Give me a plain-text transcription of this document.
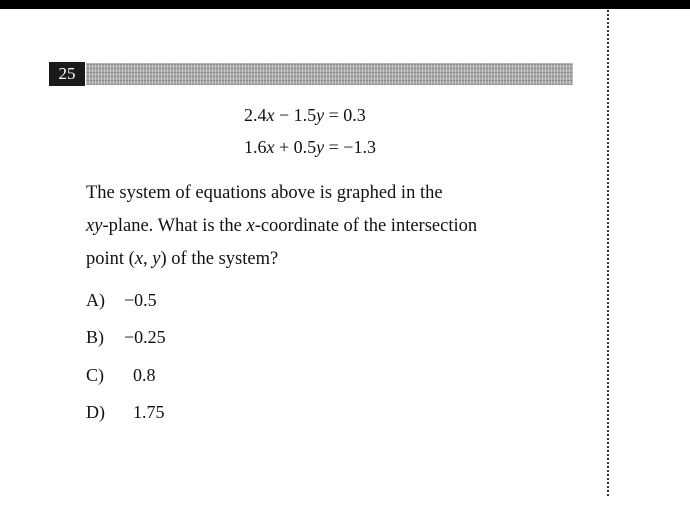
25
2.4x − 1.5y = 0.3
1.6x + 0.5y = −1.3
The system of equations above is graphed in the
xy-plane. What is the x-coordinate of the intersection
point (x, y) of the system?
A) −0.5
B) −0.25
C) 0.8
D) 1.75
